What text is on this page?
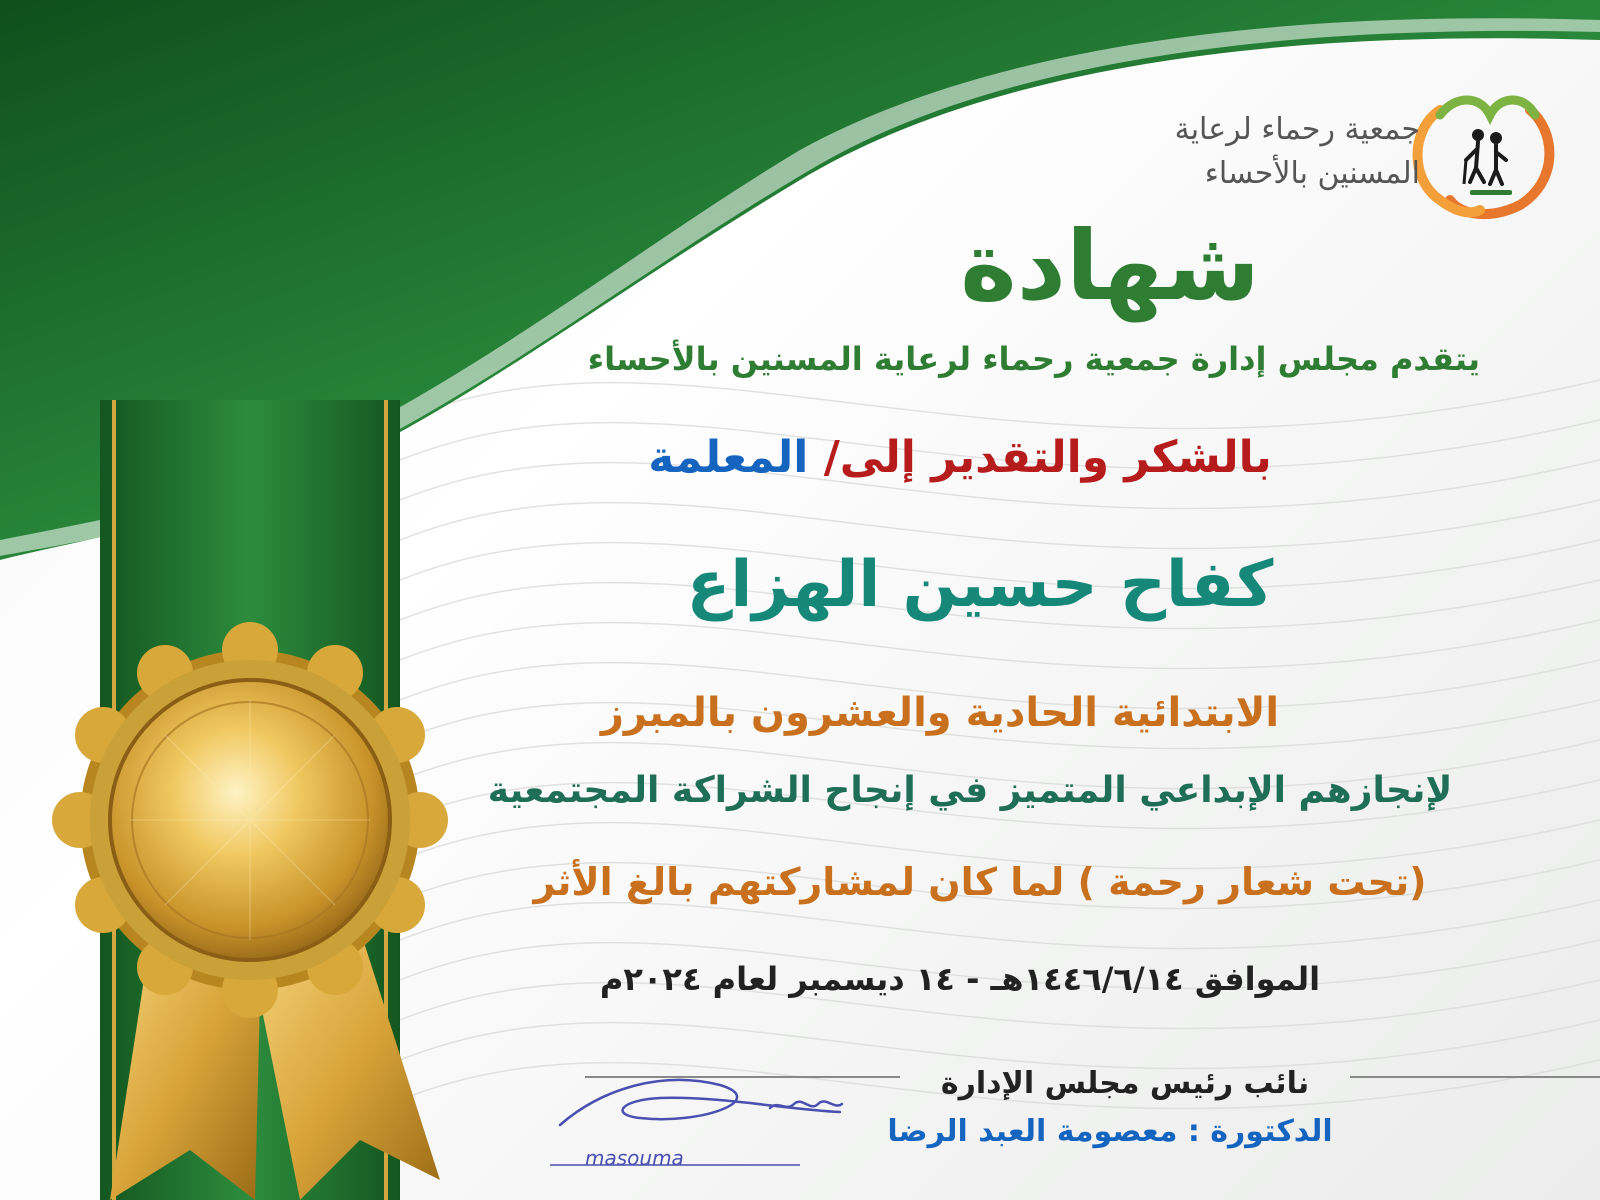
جمعية رحماء لرعاية
المسنين بالأحساء
شهادة
يتقدم مجلس إدارة جمعية رحماء لرعاية المسنين بالأحساء
بالشكر والتقدير إلى/ المعلمة
كفاح حسين الهزاع
الابتدائية الحادية والعشرون بالمبرز
لإنجازهم الإبداعي المتميز في إنجاح الشراكة المجتمعية
(تحت شعار رحمة ) لما كان لمشاركتهم بالغ الأثر
الموافق ١٤٤٦/٦/١٤هـ - ١٤ ديسمبر لعام ٢٠٢٤م
نائب رئيس مجلس الإدارة
الدكتورة : معصومة العبد الرضا
masouma
